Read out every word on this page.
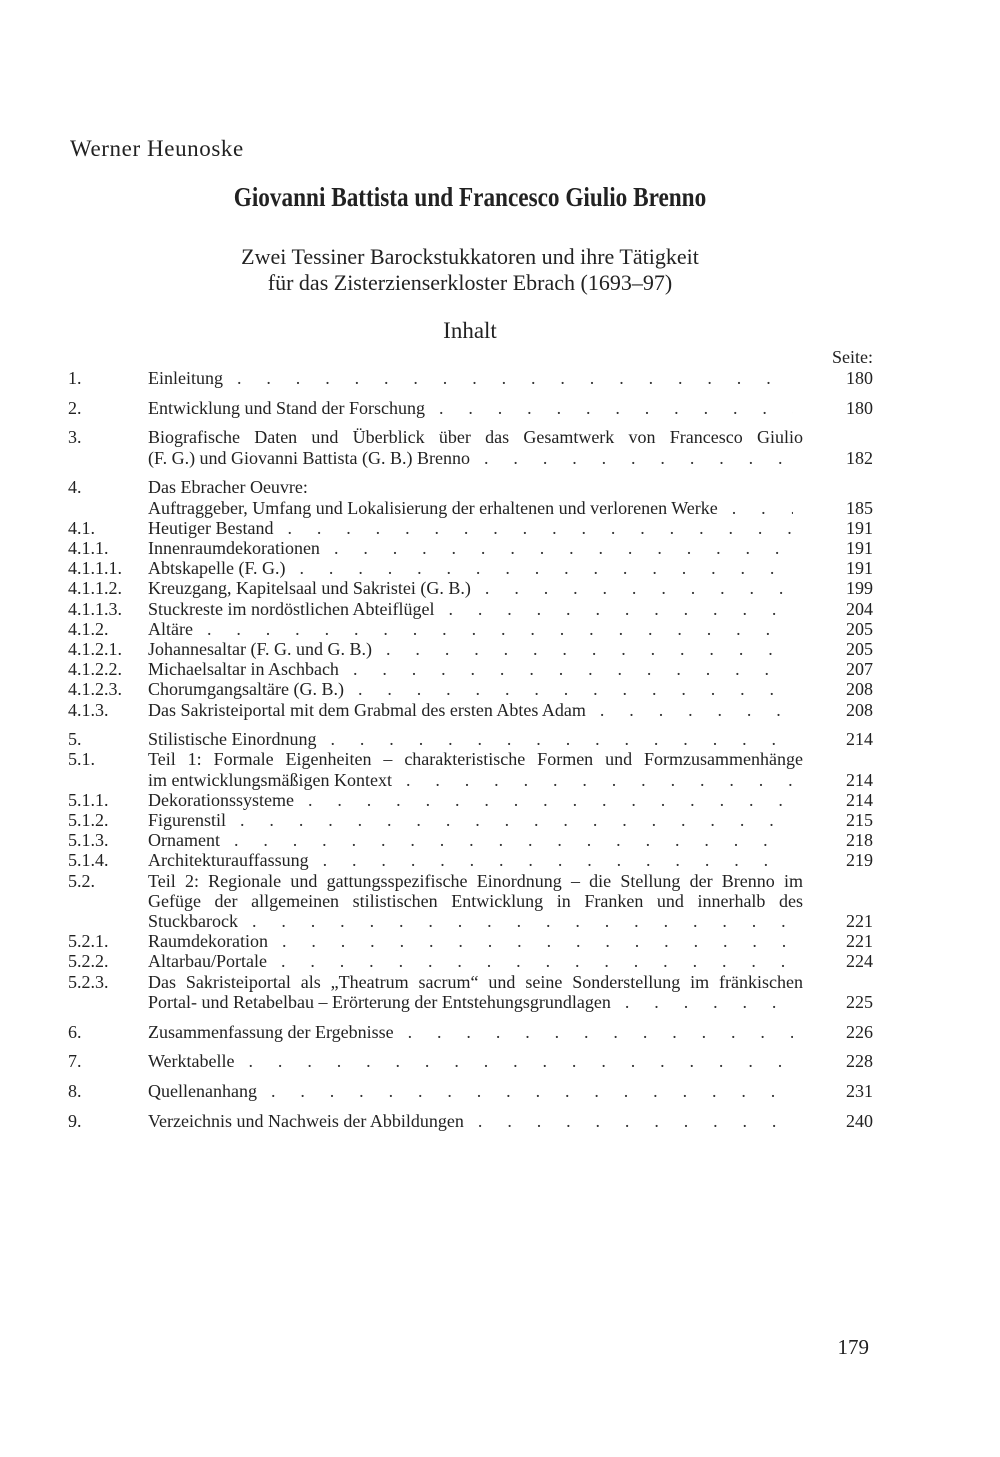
Werner Heunoske
Giovanni Battista und Francesco Giulio Brenno
Zwei Tessiner Barockstukkatoren und ihre Tätigkeit
für das Zisterzienserkloster Ebrach (1693–97)
Inhalt
Seite:
1.	Einleitung . . .	180
2.	Entwicklung und Stand der Forschung . . .	180
3.	Biografische Daten und Überblick über das Gesamtwerk von Francesco Giulio
(F. G.) und Giovanni Battista (G. B.) Brenno . . .	182
4.	Das Ebracher Oeuvre:
Auftraggeber, Umfang und Lokalisierung der erhaltenen und verlorenen Werke . . .	185
4.1.	Heutiger Bestand . . .	191
4.1.1. Innenraumdekorationen . . .	191
4.1.1.1. Abtskapelle (F. G.) . . .	191
4.1.1.2. Kreuzgang, Kapitelsaal und Sakristei (G. B.) . . .	199
4.1.1.3. Stuckreste im nordöstlichen Abteiflügel . . .	204
4.1.2. Altäre . . .	205
4.1.2.1. Johannesaltar (F. G. und G. B.) . . .	205
4.1.2.2. Michaelsaltar in Aschbach . . .	207
4.1.2.3. Chorumgangsaltäre (G. B.) . . .	208
4.1.3. Das Sakristeiportal mit dem Grabmal des ersten Abtes Adam . . .	208
5.	Stilistische Einordnung . . .	214
5.1.	Teil 1: Formale Eigenheiten – charakteristische Formen und Formzusammenhänge
im entwicklungsmäßigen Kontext . . .	214
5.1.1. Dekorationssysteme . . .	214
5.1.2. Figurenstil . . .	215
5.1.3. Ornament . . .	218
5.1.4. Architekturauffassung . . .	219
5.2.	Teil 2: Regionale und gattungsspezifische Einordnung – die Stellung der Brenno im
Gefüge der allgemeinen stilistischen Entwicklung in Franken und innerhalb des
Stuckbarock . . .	221
5.2.1. Raumdekoration . . .	221
5.2.2. Altarbau/Portale . . .	224
5.2.3. Das Sakristeiportal als „Theatrum sacrum“ und seine Sonderstellung im fränkischen
Portal- und Retabelbau – Erörterung der Entstehungsgrundlagen . . .	225
6.	Zusammenfassung der Ergebnisse . . .	226
7.	Werktabelle . . .	228
8.	Quellenanhang . . .	231
9.	Verzeichnis und Nachweis der Abbildungen . . .	240
179
